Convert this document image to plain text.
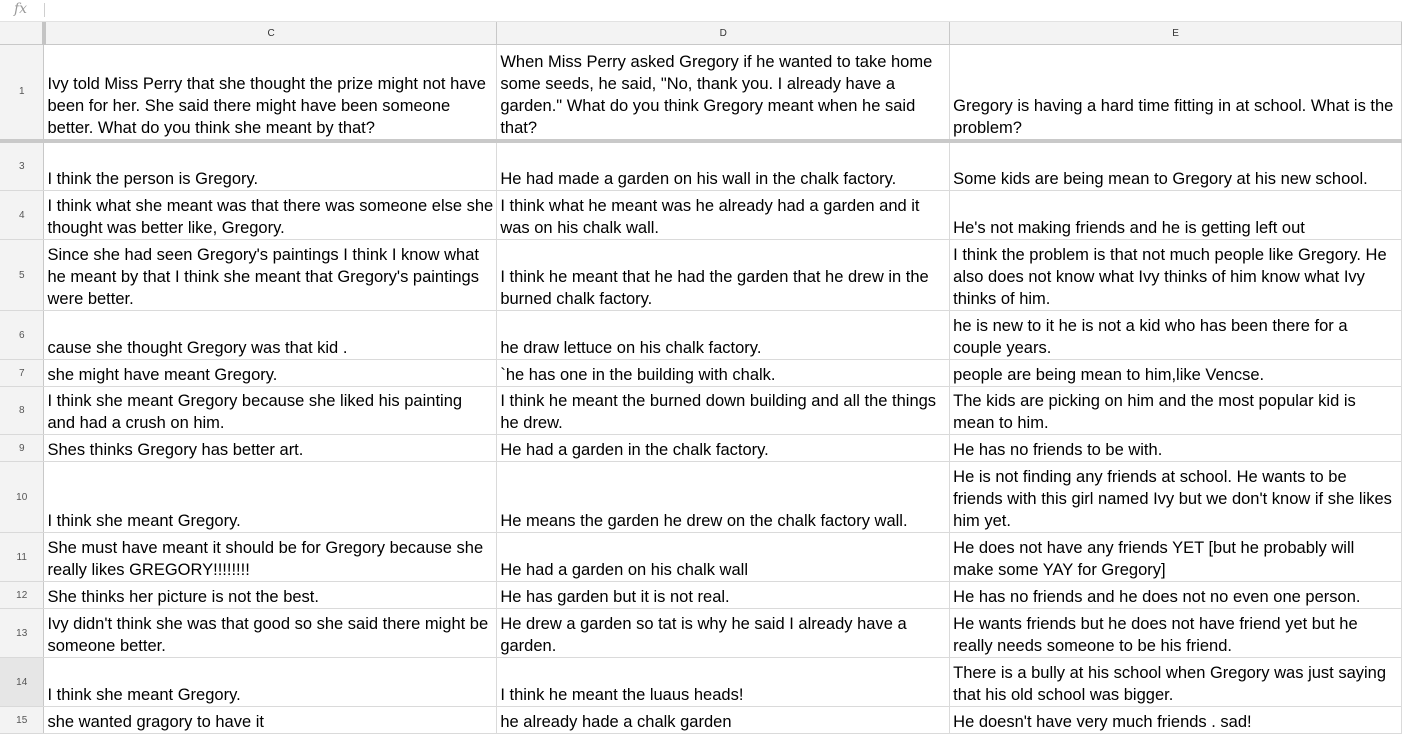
fx
	C	D	E
1	Ivy told Miss Perry that she thought the prize might not have been for her. She said there might have been someone better. What do you think she meant by that?	When Miss Perry asked Gregory if he wanted to take home some seeds, he said, "No, thank you. I already have a garden." What do you think Gregory meant when he said that?	Gregory is having a hard time fitting in at school. What is the problem?
3	I think the person is Gregory.	He had made a garden on his wall in the chalk factory.	Some kids are being mean to Gregory at his new school.
4	I think what she meant was that there was someone else she thought was better like, Gregory.	I think what he meant was he already had a garden and it was on his chalk wall.	He's not making friends and he is getting left out
5	Since she had seen Gregory's paintings I think I know what he meant by that I think she meant that Gregory's paintings were better.	I think he meant that he had the garden that he drew in the burned chalk factory.	I think the problem is that not much people like Gregory. He also does not know what Ivy thinks of him know what Ivy thinks of him.
6	cause she thought Gregory was that kid .	he draw lettuce on his chalk factory.	he is new to it he is not a kid who has been there for a couple years.
7	she might have meant Gregory.	`he has one in the building with chalk.	people are being mean to him,like Vencse.
8	I think she meant Gregory because she liked his painting and had a crush on him.	I think he meant the burned down building and all the things he drew.	The kids are picking on him and the most popular kid is mean to him.
9	Shes thinks Gregory has better art.	He had a garden in the chalk factory.	He has no friends to be with.
10	I think she meant Gregory.	He means the garden he drew on the chalk factory wall.	He is not finding any friends at school. He wants to be friends with this girl named Ivy but we don't know if she likes him yet.
11	She must have meant it should be for Gregory because she really likes GREGORY!!!!!!!!	He had a garden on his chalk wall	He does not have any friends YET [but he probably will make some YAY for Gregory]
12	She thinks her picture is not the best.	He has garden but it is not real.	He has no friends and he does not no even one person.
13	Ivy didn't think she was that good so she said there might be someone better.	He drew a garden so tat is why he said I already have a garden.	He wants friends but he does not have friend yet but he really needs someone to be his friend.
14	I think she meant Gregory.	I think he meant the luaus heads!	There is a bully at his school when Gregory was just saying that his old school was bigger.
15	she wanted gragory to have it	he already hade a chalk garden	He doesn't have very much friends . sad!
